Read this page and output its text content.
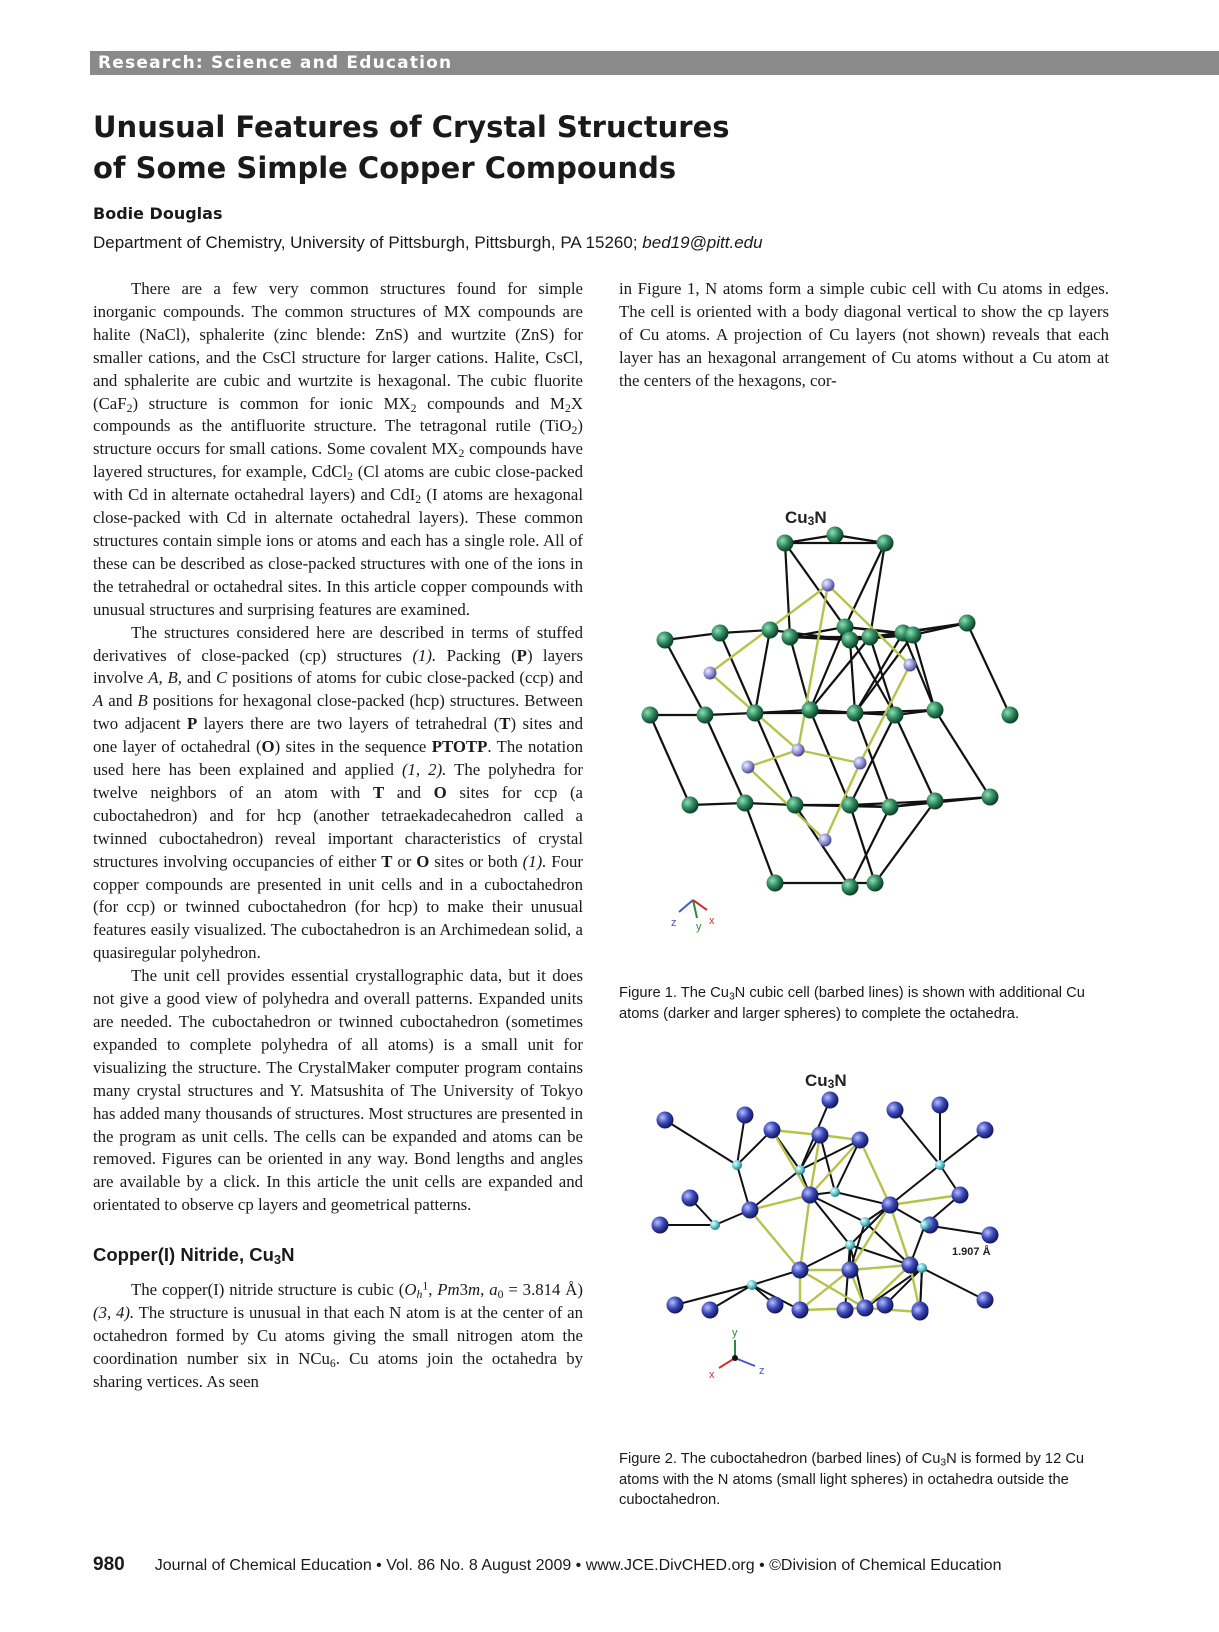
Research: Science and Education
Unusual Features of Crystal Structures
of Some Simple Copper Compounds
Bodie Douglas
Department of Chemistry, University of Pittsburgh, Pittsburgh, PA 15260; bed19@pitt.edu

There are a few very common structures found for simple inorganic compounds. The common structures of MX compounds are halite (NaCl), sphalerite (zinc blende: ZnS) and wurtzite (ZnS) for smaller cations, and the CsCl structure for larger cations. Halite, CsCl, and sphalerite are cubic and wurtzite is hexagonal. The cubic fluorite (CaF$_2$) structure is common for ionic $MX_2$ compounds and $M_2X$ compounds as the antifluorite structure. The tetragonal rutile (TiO$_2$) structure occurs for small cations. Some covalent $MX_2$ compounds have layered structures, for example, CdCl$_2$ (Cl atoms are cubic close-packed with Cd in alternate octahedral layers) and CdI$_2$ (I atoms are hexagonal close-packed with Cd in alternate octahedral layers). These common structures contain simple ions or atoms and each has a single role. All of these can be described as close-packed structures with one of the ions in the tetrahedral or octahedral sites. In this article copper compounds with unusual structures and surprising features are examined.

The structures considered here are described in terms of stuffed derivatives of close-packed (cp) structures (1). Packing (P) layers involve A, B, and C positions of atoms for cubic close-packed (ccp) and A and B positions for hexagonal close-packed (hcp) structures. Between two adjacent P layers there are two layers of tetrahedral (T) sites and one layer of octahedral (O) sites in the sequence PTOTP. The notation used here has been explained and applied (1, 2). The polyhedra for twelve neighbors of an atom with T and O sites for ccp (a cuboctahedron) and for hcp (another tetraekadecahedron called a twinned cuboctahedron) reveal important characteristics of crystal structures involving occupancies of either T or O sites or both (1). Four copper compounds are presented in unit cells and in a cuboctahedron (for ccp) or twinned cuboctahedron (for hcp) to make their unusual features easily visualized. The cuboctahedron is an Archimedean solid, a quasiregular polyhedron.

The unit cell provides essential crystallographic data, but it does not give a good view of polyhedra and overall patterns. Expanded units are needed. The cuboctahedron or twinned cuboctahedron (sometimes expanded to complete polyhedra of all atoms) is a small unit for visualizing the structure. The CrystalMaker computer program contains many crystal structures and Y. Matsushita of The University of Tokyo has added many thousands of structures. Most structures are presented in the program as unit cells. The cells can be expanded and atoms can be removed. Figures can be oriented in any way. Bond lengths and angles are available by a click. In this article the unit cells are expanded and orientated to observe cp layers and geometrical patterns.

Copper(I) Nitride, $Cu_3N$

The copper(I) nitride structure is cubic ($O_h^1$, Pm3m, $a_0 = 3.814$ Å) (3, 4). The structure is unusual in that each N atom is at the center of an octahedron formed by Cu atoms giving the small nitrogen atom the coordination number six in NCu$_6$. Cu atoms join the octahedra by sharing vertices. As seen

in Figure 1, N atoms form a simple cubic cell with Cu atoms in edges. The cell is oriented with a body diagonal vertical to show the cp layers of Cu atoms. A projection of Cu layers (not shown) reveals that each layer has an hexagonal arrangement of Cu atoms without a Cu atom at the centers of the hexagons, cor-

$Cu_3N$
z y x
Figure 1. The $Cu_3N$ cubic cell (barbed lines) is shown with additional Cu atoms (darker and larger spheres) to complete the octahedra.
$Cu_3N$
1.907 Å
y
x	z
Figure 2. The cuboctahedron (barbed lines) of $Cu_3N$ is formed by 12 Cu atoms with the N atoms (small light spheres) in octahedra outside the cuboctahedron.
980 Journal of Chemical Education • Vol. 86 No. 8 August 2009 • www.JCE.DivCHED.org • ©Division of Chemical Education
